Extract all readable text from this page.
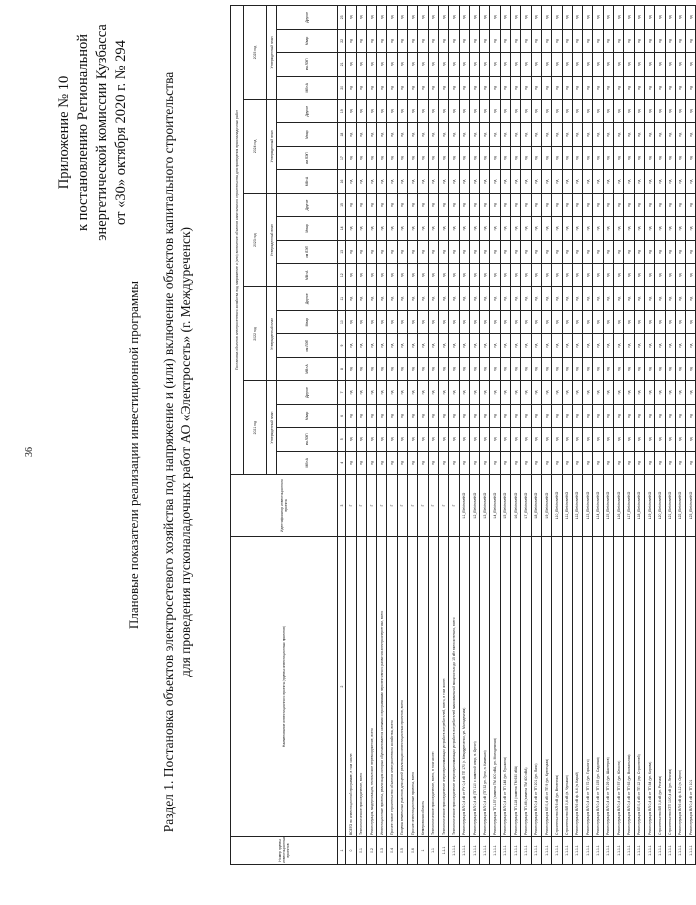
36
Приложение № 10 к постановлению Региональной энергетической комиссии Кузбасса от «30» октября 2020 г. № 294
Плановые показатели реализации инвестиционной программы Раздел 1. Постановка объектов электросетевого хозяйства под напряжение и (или) включение объектов капитального строительства для проведения пусконаладочных работ АО «Электросеть» (г. Междуреченск)
Номер группы инвестиционных проектов	Наименование инвестиционного проекта (группы инвестиционных проектов)	Идентификатор инвестиционного проекта	Постановка объектов электросетевого хозяйства под напряжение и (или) включение объектов капитального строительства для проведения пусконаладочных работ																			
			2021 год				2022 год				2023 год				2024 год				2025 год			
			Утвержденный план				Утвержденный план				Утвержденный план				Утвержденный план				Утвержденный план			
			МВ×А	км ЛЭП	Мвар	Другое	МВ×А	км ЛЭП	Мвар	Другое	МВ×А	км ЛЭП	Мвар	Другое	МВ×А	км ЛЭП	Мвар	Другое	МВ×А	км ЛЭП	Мвар	Другое
1	2	3	4	5	6	7	8	9	10	11	12	13	14	15	16	17	18	19	20	21	22	23
0	ВСЕГО по инвестиционной программе, в том числе:	Г	нд	нд	нд	нд	нд	нд	нд	нд	нд	нд	нд	нд	нд	нд	нд	нд	нд	нд	нд	нд
0.1	Технологическое присоединение, всего	Г	нд	нд	нд	нд	нд	нд	нд	нд	нд	нд	нд	нд	нд	нд	нд	нд	нд	нд	нд	нд
0.2	Реконструкция, модернизация, техническое перевооружение, всего	Г	нд	нд	нд	нд	нд	нд	нд	нд	нд	нд	нд	нд	нд	нд	нд	нд	нд	нд	нд	нд
0.3	Инвестиционные проекты, реализация которых обуславливается схемами и программами перспективного развития электроэнергетики, всего	Г	нд	нд	нд	нд	нд	нд	нд	нд	нд	нд	нд	нд	нд	нд	нд	нд	нд	нд	нд	нд
0.4	Прочее новое строительство объектов электросетевого хозяйства, всего	Г	нд	нд	нд	нд	нд	нд	нд	нд	нд	нд	нд	нд	нд	нд	нд	нд	нд	нд	нд	нд
0.5	Покупка земельных участков для целей реализации инвестиционных проектов, всего	Г	нд	нд	нд	нд	нд	нд	нд	нд	нд	нд	нд	нд	нд	нд	нд	нд	нд	нд	нд	нд
0.6	Прочие инвестиционные проекты, всего	Г	нд	нд	нд	нд	нд	нд	нд	нд	нд	нд	нд	нд	нд	нд	нд	нд	нд	нд	нд	нд
1	Кемеровская область	Г	нд	нд	нд	нд	нд	нд	нд	нд	нд	нд	нд	нд	нд	нд	нд	нд	нд	нд	нд	нд
1.1	Технологическое присоединение, всего, в том числе:	Г	нд	нд	нд	нд	нд	нд	нд	нд	нд	нд	нд	нд	нд	нд	нд	нд	нд	нд	нд	нд
1.1.1	Технологическое присоединение энергопринимающих устройств потребителей, всего, в том числе:	Г	нд	нд	нд	нд	нд	нд	нд	нд	нд	нд	нд	нд	нд	нд	нд	нд	нд	нд	нд	нд
1.1.1.1	Технологическое присоединение энергопринимающих устройств потребителей максимальной мощностью до 15 кВт включительно, всего	Г	нд	нд	нд	нд	нд	нд	нд	нд	нд	нд	нд	нд	нд	нд	нд	нд	нд	нд	нд	нд
1.1.1.1	Реконструкция ВЛ 0,4 кВ от РУ 0,4 кВ ТП 170 (г. Междуреченск, ул. Молодежная)	L1_ElektrosetKO	нд	нд	нд	нд	нд	нд	нд	нд	нд	нд	нд	нд	нд	нд	нд	нд	нд	нд	нд	нд
1.1.1.1	Реконструкция ВЛ 0,4 кВ (ТП 110 с заменой опор, п. Ортон)	L2_ElektrosetKO	нд	нд	нд	нд	нд	нд	нд	нд	нд	нд	нд	нд	нд	нд	нд	нд	нд	нд	нд	нд
1.1.1.1	Реконструкция ВЛ 0,4 кВ (ТП 32 ул. Гули, п. Камешки)	L3_ElektrosetKO	нд	нд	нд	нд	нд	нд	нд	нд	нд	нд	нд	нд	нд	нд	нд	нд	нд	нд	нд	нд
1.1.1.1	Реконструкция ТП-157 (замена ТМ 400 кВА, ул. Молодежная)	L4_ElektrosetKO	нд	нд	нд	нд	нд	нд	нд	нд	нд	нд	нд	нд	нд	нд	нд	нд	нд	нд	нд	нд
1.1.1.1	Реконструкция ВЛ 0,4 кВ от ТП 148 (ул. Пушкина)	L5_ElektrosetKO	нд	нд	нд	нд	нд	нд	нд	нд	нд	нд	нд	нд	нд	нд	нд	нд	нд	нд	нд	нд
1.1.1.1	Реконструкция ТП-118 (замена ТМ 630 кВА)	L6_ElektrosetKO	нд	нд	нд	нд	нд	нд	нд	нд	нд	нд	нд	нд	нд	нд	нд	нд	нд	нд	нд	нд
1.1.1.1	Реконструкция ТП-46 (замена ТМ 400 кВА)	L7_ElektrosetKO	нд	нд	нд	нд	нд	нд	нд	нд	нд	нд	нд	нд	нд	нд	нд	нд	нд	нд	нд	нд
1.1.1.1	Реконструкция ВЛ 0,4 кВ от ТП 201 (ул. Лазо)	L8_ElektrosetKO	нд	нд	нд	нд	нд	нд	нд	нд	нд	нд	нд	нд	нд	нд	нд	нд	нд	нд	нд	нд
1.1.1.1	Реконструкция КЛ 0,4 кВ от ТП 9 (ул. Кузнецкая)	L9_ElektrosetKO	нд	нд	нд	нд	нд	нд	нд	нд	нд	нд	нд	нд	нд	нд	нд	нд	нд	нд	нд	нд
1.1.1.1	Строительство КЛ 6 кВ (ул. Весенняя)	L10_ElektrosetKO	нд	нд	нд	нд	нд	нд	нд	нд	нд	нд	нд	нд	нд	нд	нд	нд	нд	нд	нд	нд
1.1.1.1	Строительство ВЛ 0,4 кВ (п. Чульжан)	L11_ElektrosetKO	нд	нд	нд	нд	нд	нд	нд	нд	нд	нд	нд	нд	нд	нд	нд	нд	нд	нд	нд	нд
1.1.1.1	Реконструкция ВЛ 6 кВ ф. 6-4 (п. Карай)	L12_ElektrosetKO	нд	нд	нд	нд	нд	нд	нд	нд	нд	нд	нд	нд	нд	нд	нд	нд	нд	нд	нд	нд
1.1.1.1	Реконструкция ВЛ 0,4 кВ от ТП 72 (ул. Горького)	L13_ElektrosetKO	нд	нд	нд	нд	нд	нд	нд	нд	нд	нд	нд	нд	нд	нд	нд	нд	нд	нд	нд	нд
1.1.1.1	Реконструкция ВЛ 0,4 кВ от ТП 155 (ул. Садовая)	L14_ElektrosetKO	нд	нд	нд	нд	нд	нд	нд	нд	нд	нд	нд	нд	нд	нд	нд	нд	нд	нд	нд	нд
1.1.1.1	Реконструкция ВЛ 0,4 кВ от ТП 29 (ул. Шахтеров)	L15_ElektrosetKO	нд	нд	нд	нд	нд	нд	нд	нд	нд	нд	нд	нд	нд	нд	нд	нд	нд	нд	нд	нд
1.1.1.1	Реконструкция ВЛ 0,4 кВ от ТП 57 (ул. Юности)	L16_ElektrosetKO	нд	нд	нд	нд	нд	нд	нд	нд	нд	нд	нд	нд	нд	нд	нд	нд	нд	нд	нд	нд
1.1.1.1	Реконструкция ВЛ 0,4 кВ от ТП 63 (ул. Вокзальная)	L17_ElektrosetKO	нд	нд	нд	нд	нд	нд	нд	нд	нд	нд	нд	нд	нд	нд	нд	нд	нд	нд	нд	нд
1.1.1.1	Реконструкция КЛ 0,4 кВ от ТП 12 (пр. Строителей)	L18_ElektrosetKO	нд	нд	нд	нд	нд	нд	нд	нд	нд	нд	нд	нд	нд	нд	нд	нд	нд	нд	нд	нд
1.1.1.1	Реконструкция ВЛ 0,4 кВ от ТП 84 (ул. Кирова)	L19_ElektrosetKO	нд	нд	нд	нд	нд	нд	нд	нд	нд	нд	нд	нд	нд	нд	нд	нд	нд	нд	нд	нд
1.1.1.1	Строительство ВЛ 0,4 кВ (ул. Речная)	L20_ElektrosetKO	нд	нд	нд	нд	нд	нд	нд	нд	нд	нд	нд	нд	нд	нд	нд	нд	нд	нд	нд	нд
1.1.1.1	Строительство КТП 10/0,4 кВ (ул. Лесная)	L21_ElektrosetKO	нд	нд	нд	нд	нд	нд	нд	нд	нд	нд	нд	нд	нд	нд	нд	нд	нд	нд	нд	нд
1.1.1.1	Реконструкция ВЛ 6 кВ ф. 6-12 (п. Ортон)	L22_ElektrosetKO	нд	нд	нд	нд	нд	нд	нд	нд	нд	нд	нд	нд	нд	нд	нд	нд	нд	нд	нд	нд
1.1.1.1	Реконструкция ВЛ 0,4 кВ от ТП 101	L23_ElektrosetKO	нд	нд	нд	нд	нд	нд	нд	нд	нд	нд	нд	нд	нд	нд	нд	нд	нд	нд	нд	нд
